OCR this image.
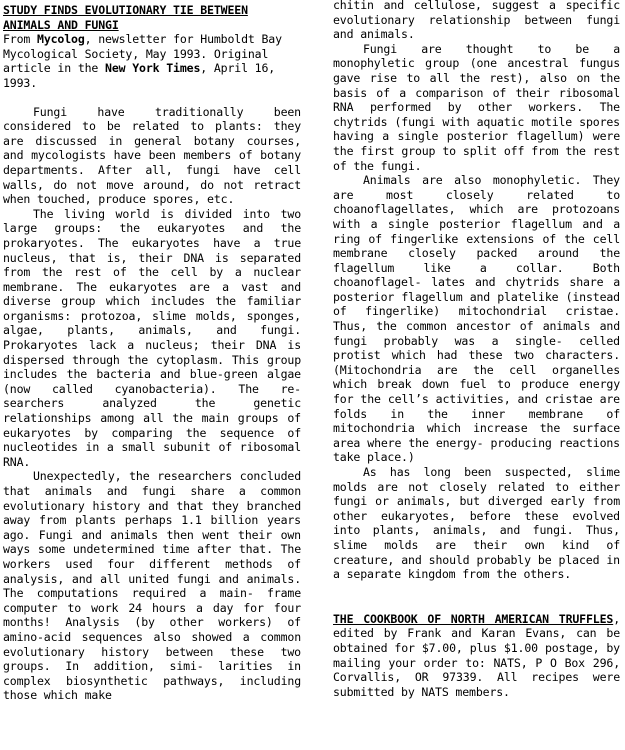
STUDY FINDS EVOLUTIONARY TIE BETWEEN ANIMALS AND FUNGI
From Mycolog, newsletter for Humboldt Bay Mycological Society, May 1993. Original article in the New York Times, April 16, 1993.

Fungi have traditionally been considered to be related to plants: they are discussed in general botany courses, and mycologists have been members of botany departments. After all, fungi have cell walls, do not move around, do not retract when touched, produce spores, etc.

The living world is divided into two large groups: the eukaryotes and the prokaryotes. The eukaryotes have a true nucleus, that is, their DNA is separated from the rest of the cell by a nuclear membrane. The eukaryotes are a vast and diverse group which includes the familiar organisms: protozoa, slime molds, sponges, algae, plants, animals, and fungi. Prokaryotes lack a nucleus; their DNA is dispersed through the cytoplasm. This group includes the bacteria and blue-green algae (now called cyanobacteria). The re- searchers analyzed the genetic relationships among all the main groups of eukaryotes by comparing the sequence of nucleotides in a small subunit of ribosomal RNA.

Unexpectedly, the researchers concluded that animals and fungi share a common evolutionary history and that they branched away from plants perhaps 1.1 billion years ago. Fungi and animals then went their own ways some undetermined time after that. The workers used four different methods of analysis, and all united fungi and animals. The computations required a main- frame computer to work 24 hours a day for four months! Analysis (by other workers) of amino-acid sequences also showed a common evolutionary history between these two groups. In addition, simi- larities in complex biosynthetic pathways, including those which make

chitin and cellulose, suggest a specific evolutionary relationship between fungi and animals.

Fungi are thought to be a monophyletic group (one ancestral fungus gave rise to all the rest), also on the basis of a comparison of their ribosomal RNA performed by other workers. The chytrids (fungi with aquatic motile spores having a single posterior flagellum) were the first group to split off from the rest of the fungi.

Animals are also monophyletic. They are most closely related to choanoflagellates, which are protozoans with a single posterior flagellum and a ring of fingerlike extensions of the cell membrane closely packed around the flagellum like a collar. Both choanoflagel- lates and chytrids share a posterior flagellum and platelike (instead of fingerlike) mitochondrial cristae. Thus, the common ancestor of animals and fungi probably was a single- celled protist which had these two characters. (Mitochondria are the cell organelles which break down fuel to produce energy for the cell’s activities, and cristae are folds in the inner membrane of mitochondria which increase the surface area where the energy- producing reactions take place.)

As has long been suspected, slime molds are not closely related to either fungi or animals, but diverged early from other eukaryotes, before these evolved into plants, animals, and fungi. Thus, slime molds are their own kind of creature, and should probably be placed in a separate kingdom from the others.

THE COOKBOOK OF NORTH AMERICAN TRUFFLES, edited by Frank and Karan Evans, can be obtained for $7.00, plus $1.00 postage, by mailing your order to: NATS, P O Box 296, Corvallis, OR 97339. All recipes were submitted by NATS members.
